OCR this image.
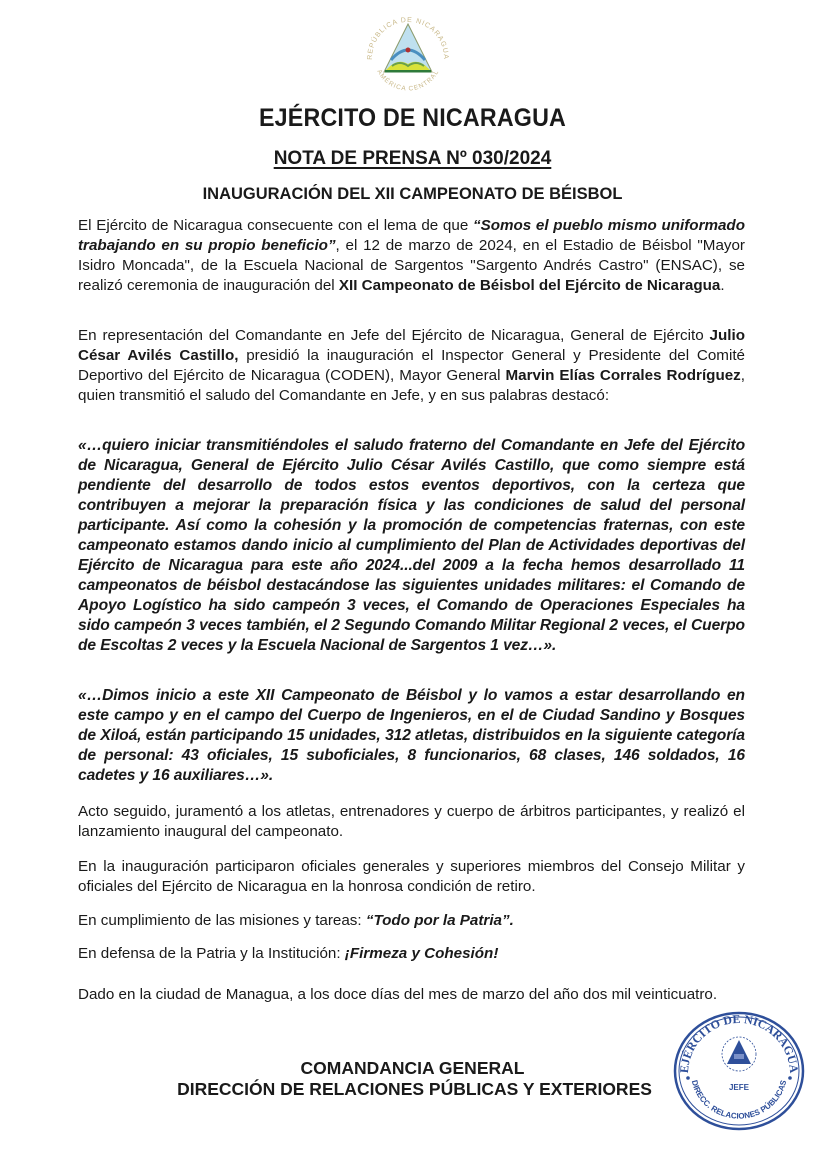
REPÚBLICA DE NICARAGUA
AMÉRICA CENTRAL
EJÉRCITO DE NICARAGUA
NOTA DE PRENSA Nº 030/2024
INAUGURACIÓN DEL XII CAMPEONATO DE BÉISBOL

El Ejército de Nicaragua consecuente con el lema de que “Somos el pueblo mismo uniformado trabajando en su propio beneficio”, el 12 de marzo de 2024, en el Estadio de Béisbol "Mayor Isidro Moncada", de la Escuela Nacional de Sargentos "Sargento Andrés Castro" (ENSAC), se realizó ceremonia de inauguración del XII Campeonato de Béisbol del Ejército de Nicaragua.

En representación del Comandante en Jefe del Ejército de Nicaragua, General de Ejército Julio César Avilés Castillo, presidió la inauguración el Inspector General y Presidente del Comité Deportivo del Ejército de Nicaragua (CODEN), Mayor General Marvin Elías Corrales Rodríguez, quien transmitió el saludo del Comandante en Jefe, y en sus palabras destacó:

«…quiero iniciar transmitiéndoles el saludo fraterno del Comandante en Jefe del Ejército de Nicaragua, General de Ejército Julio César Avilés Castillo, que como siempre está pendiente del desarrollo de todos estos eventos deportivos, con la certeza que contribuyen a mejorar la preparación física y las condiciones de salud del personal participante. Así como la cohesión y la promoción de competencias fraternas, con este campeonato estamos dando inicio al cumplimiento del Plan de Actividades deportivas del Ejército de Nicaragua para este año 2024...del 2009 a la fecha hemos desarrollado 11 campeonatos de béisbol destacándose las siguientes unidades militares: el Comando de Apoyo Logístico ha sido campeón 3 veces, el Comando de Operaciones Especiales ha sido campeón 3 veces también, el 2 Segundo Comando Militar Regional 2 veces, el Cuerpo de Escoltas 2 veces y la Escuela Nacional de Sargentos 1 vez…».

«…Dimos inicio a este XII Campeonato de Béisbol y lo vamos a estar desarrollando en este campo y en el campo del Cuerpo de Ingenieros, en el de Ciudad Sandino y Bosques de Xiloá, están participando 15 unidades, 312 atletas, distribuidos en la siguiente categoría de personal: 43 oficiales, 15 suboficiales, 8 funcionarios, 68 clases, 146 soldados, 16 cadetes y 16 auxiliares…».

Acto seguido, juramentó a los atletas, entrenadores y cuerpo de árbitros participantes, y realizó el lanzamiento inaugural del campeonato.

En la inauguración participaron oficiales generales y superiores miembros del Consejo Militar y oficiales del Ejército de Nicaragua en la honrosa condición de retiro.

En cumplimiento de las misiones y tareas: “Todo por la Patria”.

En defensa de la Patria y la Institución: ¡Firmeza y Cohesión!

Dado en la ciudad de Managua, a los doce días del mes de marzo del año dos mil veinticuatro.

COMANDANCIA GENERAL
DIRECCIÓN DE RELACIONES PÚBLICAS Y EXTERIORES
EJÉRCITO DE NICARAGUA
DIRECC. RELACIONES PÚBLICAS
JEFE
